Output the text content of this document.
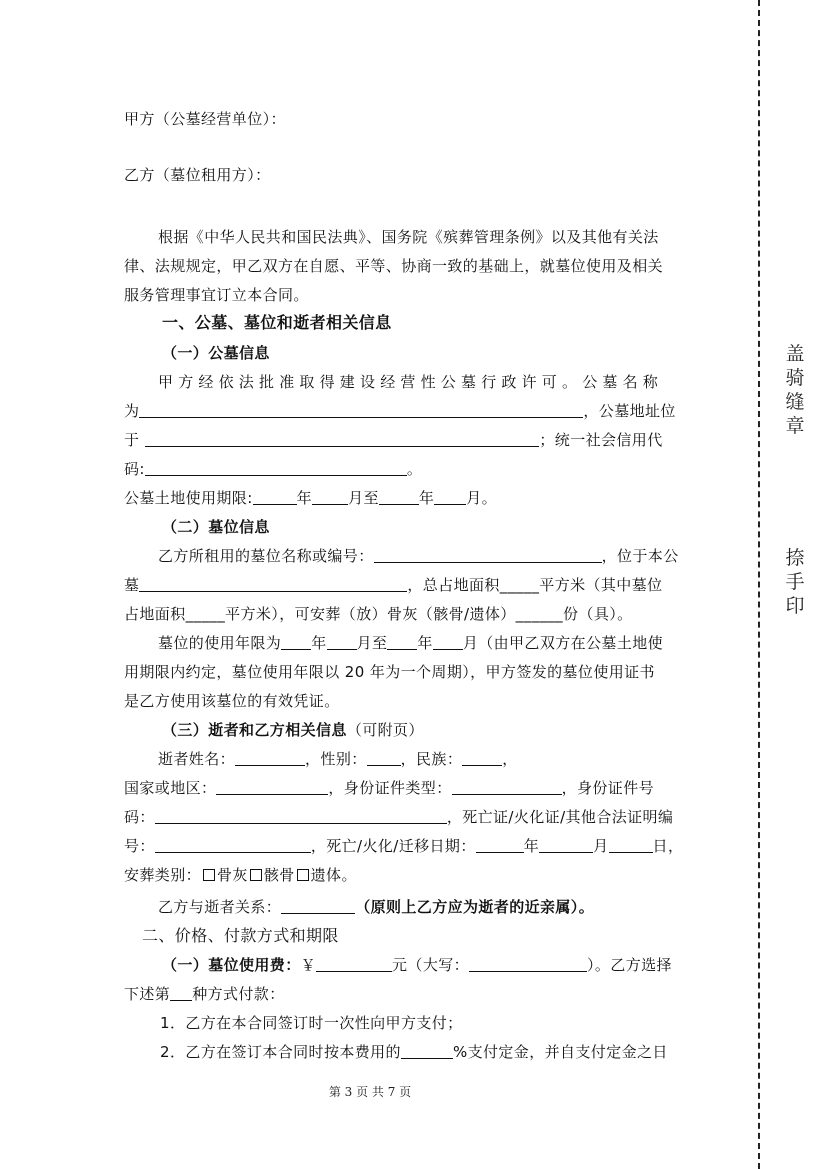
甲方（公墓经营单位）：
乙方（墓位租用方）：
根据《中华人民共和国民法典》、国务院《殡葬管理条例》以及其他有关法
律、法规规定，甲乙双方在自愿、平等、协商一致的基础上，就墓位使用及相关
服务管理事宜订立本合同。
一、公墓、墓位和逝者相关信息
（一）公墓信息
甲方经依法批准取得建设经营性公墓行政许可。公墓名称
为	，公墓地址位
于	；统一社会信用代
码:	。
公墓土地使用期限:	年 月至	年 月。
（二）墓位信息
乙方所租用的墓位名称或编号：	，位于本公
墓	，总占地面积_____平方米（其中墓位
占地面积_____平方米），可安葬（放）骨灰（骸骨/遗体）______份（具）。
墓位的使用年限为 年 月至 年 月（由甲乙双方在公墓土地使
用期限内约定，墓位使用年限以 20 年为一个周期），甲方签发的墓位使用证书
是乙方使用该墓位的有效凭证。
（三）逝者和乙方相关信息（可附页）
逝者姓名：	，性别： ，民族：	，
国家或地区：	，身份证件类型：	，身份证件号
码：	，死亡证/火化证/其他合法证明编
号：	，死亡/火化/迁移日期：	年	月	日，
安葬类别： 骨灰 骸骨 遗体。
乙方与逝者关系：	（原则上乙方应为逝者的近亲属）。
二、价格、付款方式和期限
（一）墓位使用费：￥	元（大写：	）。乙方选择
下述第 种方式付款：
1．乙方在本合同签订时一次性向甲方支付；
2．乙方在签订本合同时按本费用的	%支付定金，并自支付定金之日
第 3 页 共 7 页
盖
骑
缝
章
捺
手
印
